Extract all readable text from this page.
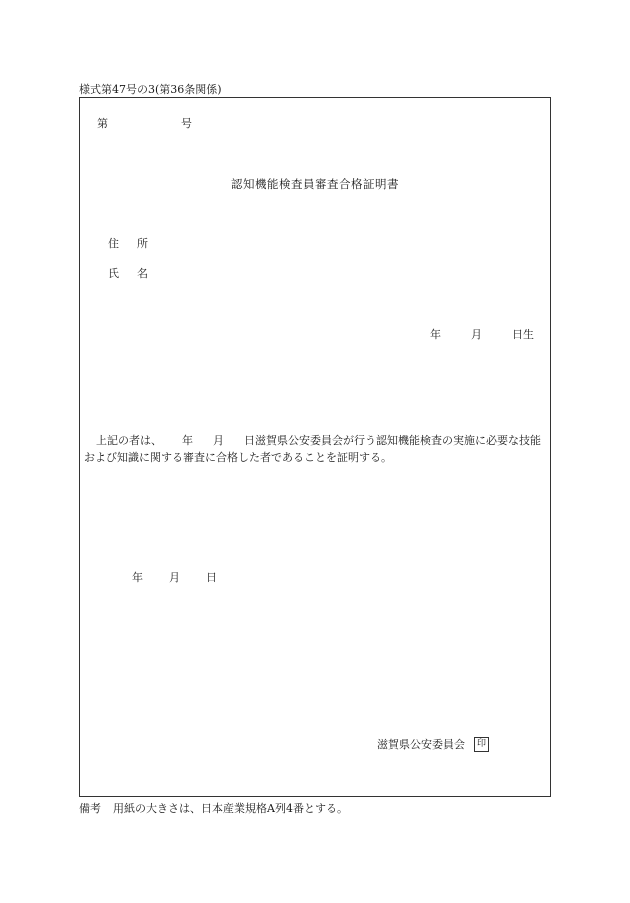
様式第47号の3(第36条関係)
第	号
認知機能検査員審査合格証明書
住所
氏名
年	月	日生
上記の者は、 年 月 日滋賀県公安委員会が行う認知機能検査の実施に必要な技能および知識に関する審査に合格した者であることを証明する。
年 月 日
滋賀県公安委員会	印
備考 用紙の大きさは、日本産業規格A列4番とする。
